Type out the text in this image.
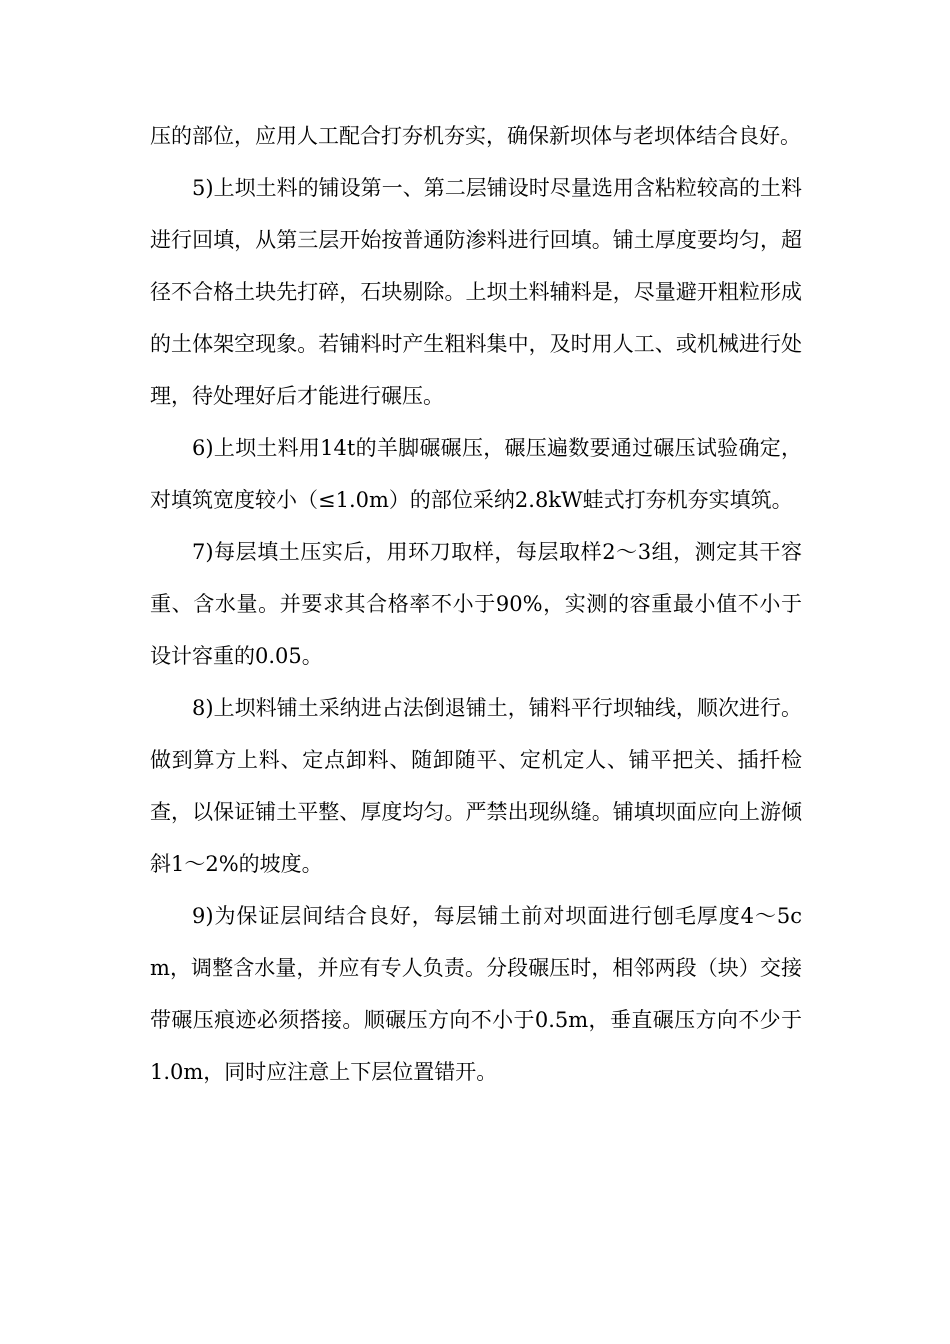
压的部位，应用人工配合打夯机夯实，确保新坝体与老坝体结合良好。

5)上坝土料的铺设第一、第二层铺设时尽量选用含粘粒较高的土料进行回填，从第三层开始按普通防渗料进行回填。铺土厚度要均匀，超径不合格土块先打碎，石块剔除。上坝土料辅料是，尽量避开粗粒形成的土体架空现象。若铺料时产生粗料集中，及时用人工、或机械进行处理，待处理好后才能进行碾压。

6)上坝土料用14t的羊脚碾碾压，碾压遍数要通过碾压试验确定，对填筑宽度较小（≤1.0m）的部位采纳2.8kW蛙式打夯机夯实填筑。

7)每层填土压实后，用环刀取样，每层取样2～3组，测定其干容重、含水量。并要求其合格率不小于90%，实测的容重最小值不小于设计容重的0.05。

8)上坝料铺土采纳进占法倒退铺土，铺料平行坝轴线，顺次进行。做到算方上料、定点卸料、随卸随平、定机定人、铺平把关、插扦检查，以保证铺土平整、厚度均匀。严禁出现纵缝。铺填坝面应向上游倾斜1～2%的坡度。

9)为保证层间结合良好，每层铺土前对坝面进行刨毛厚度4～5cm，调整含水量，并应有专人负责。分段碾压时，相邻两段（块）交接带碾压痕迹必须搭接。顺碾压方向不小于0.5m，垂直碾压方向不少于1.0m，同时应注意上下层位置错开。
